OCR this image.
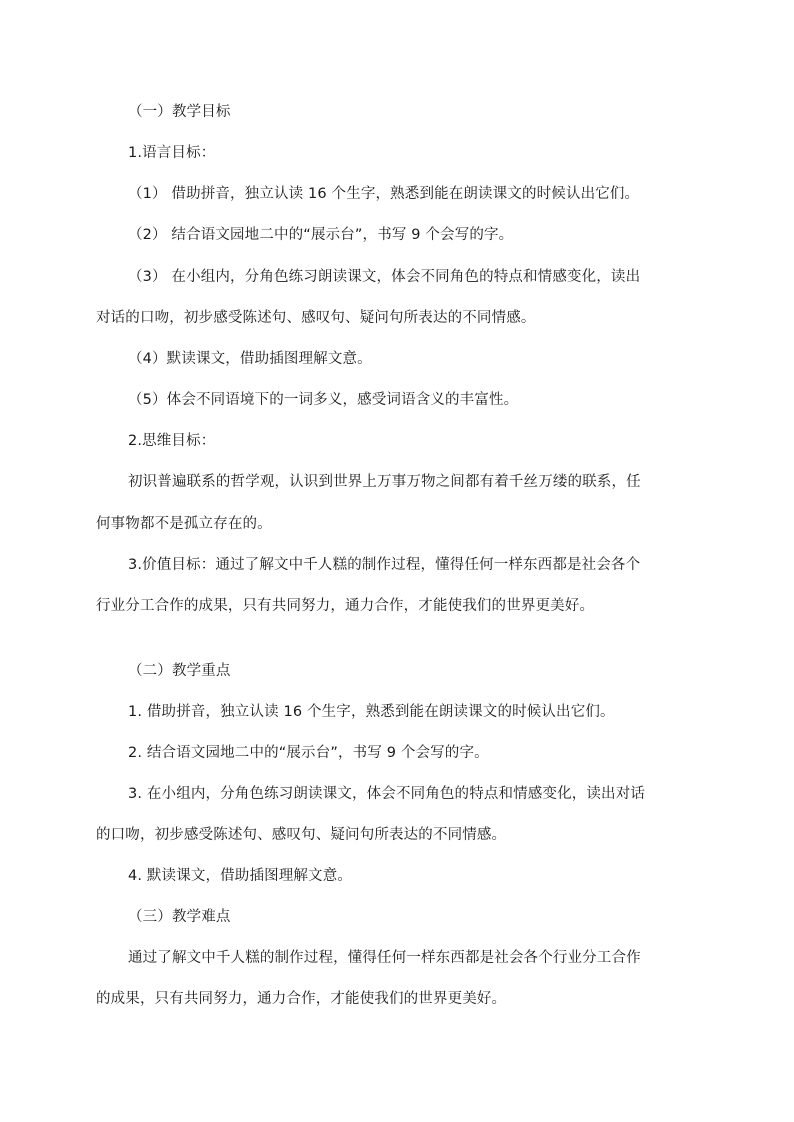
（一）教学目标
1.语言目标：
（1） 借助拼音，独立认读 16 个生字，熟悉到能在朗读课文的时候认出它们。
（2） 结合语文园地二中的“展示台”，书写 9 个会写的字。
（3） 在小组内，分角色练习朗读课文，体会不同角色的特点和情感变化，读出
对话的口吻，初步感受陈述句、感叹句、疑问句所表达的不同情感。
（4）默读课文，借助插图理解文意。
（5）体会不同语境下的一词多义，感受词语含义的丰富性。
2.思维目标：
初识普遍联系的哲学观，认识到世界上万事万物之间都有着千丝万缕的联系，任
何事物都不是孤立存在的。
3.价值目标：通过了解文中千人糕的制作过程，懂得任何一样东西都是社会各个
行业分工合作的成果，只有共同努力，通力合作，才能使我们的世界更美好。
（二）教学重点
1. 借助拼音，独立认读 16 个生字，熟悉到能在朗读课文的时候认出它们。
2. 结合语文园地二中的“展示台”，书写 9 个会写的字。
3. 在小组内，分角色练习朗读课文，体会不同角色的特点和情感变化，读出对话
的口吻，初步感受陈述句、感叹句、疑问句所表达的不同情感。
4. 默读课文，借助插图理解文意。
（三）教学难点
通过了解文中千人糕的制作过程，懂得任何一样东西都是社会各个行业分工合作
的成果，只有共同努力，通力合作，才能使我们的世界更美好。
